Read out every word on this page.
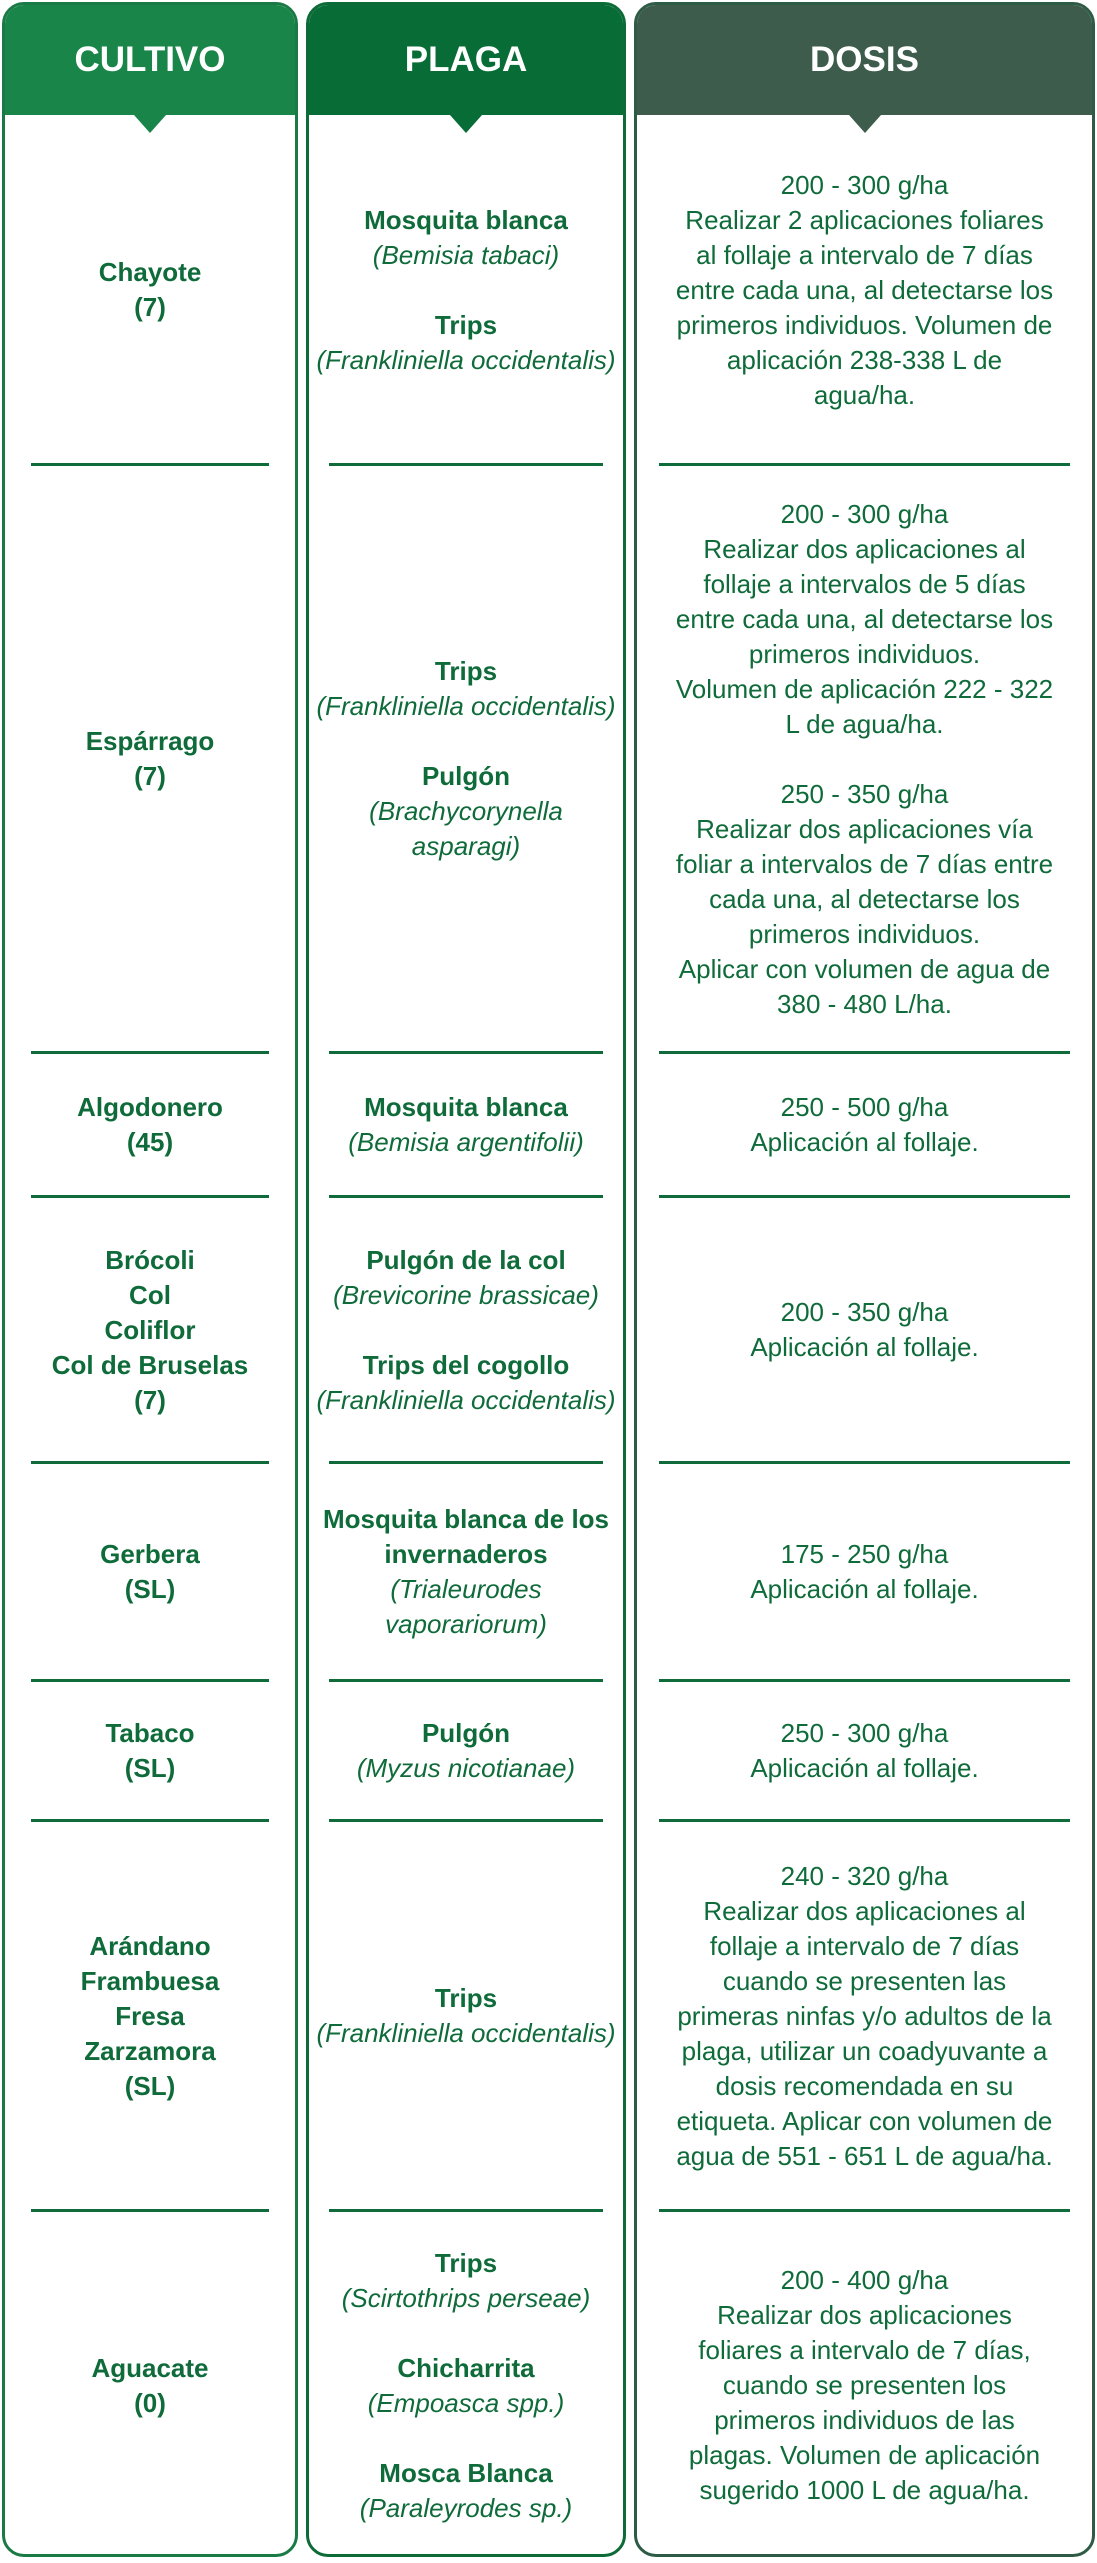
CULTIVO
Chayote
(7)
Espárrago
(7)
Algodonero
(45)
Brócoli
Col
Coliflor
Col de Bruselas
(7)
Gerbera
(SL)
Tabaco
(SL)
Arándano
Frambuesa
Fresa
Zarzamora
(SL)
Aguacate
(0)
PLAGA
Mosquita blanca
(Bemisia tabaci)
Trips
(Frankliniella occidentalis)
Trips
(Frankliniella occidentalis)
Pulgón
(Brachycorynella
asparagi)
Mosquita blanca
(Bemisia argentifolii)
Pulgón de la col
(Brevicorine brassicae)
Trips del cogollo
(Frankliniella occidentalis)
Mosquita blanca de los
invernaderos
(Trialeurodes
vaporariorum)
Pulgón
(Myzus nicotianae)
Trips
(Frankliniella occidentalis)
Trips
(Scirtothrips perseae)
Chicharrita
(Empoasca spp.)
Mosca Blanca
(Paraleyrodes sp.)
DOSIS
200 - 300 g/ha
Realizar 2 aplicaciones foliares
al follaje a intervalo de 7 días
entre cada una, al detectarse los
primeros individuos. Volumen de
aplicación 238-338 L de
agua/ha.
200 - 300 g/ha
Realizar dos aplicaciones al
follaje a intervalos de 5 días
entre cada una, al detectarse los
primeros individuos.
Volumen de aplicación 222 - 322
L de agua/ha.

250 - 350 g/ha
Realizar dos aplicaciones vía
foliar a intervalos de 7 días entre
cada una, al detectarse los
primeros individuos.
Aplicar con volumen de agua de
380 - 480 L/ha.
250 - 500 g/ha
Aplicación al follaje.
200 - 350 g/ha
Aplicación al follaje.
175 - 250 g/ha
Aplicación al follaje.
250 - 300 g/ha
Aplicación al follaje.
240 - 320 g/ha
Realizar dos aplicaciones al
follaje a intervalo de 7 días
cuando se presenten las
primeras ninfas y/o adultos de la
plaga, utilizar un coadyuvante a
dosis recomendada en su
etiqueta. Aplicar con volumen de
agua de 551 - 651 L de agua/ha.
200 - 400 g/ha
Realizar dos aplicaciones
foliares a intervalo de 7 días,
cuando se presenten los
primeros individuos de las
plagas. Volumen de aplicación
sugerido 1000 L de agua/ha.
